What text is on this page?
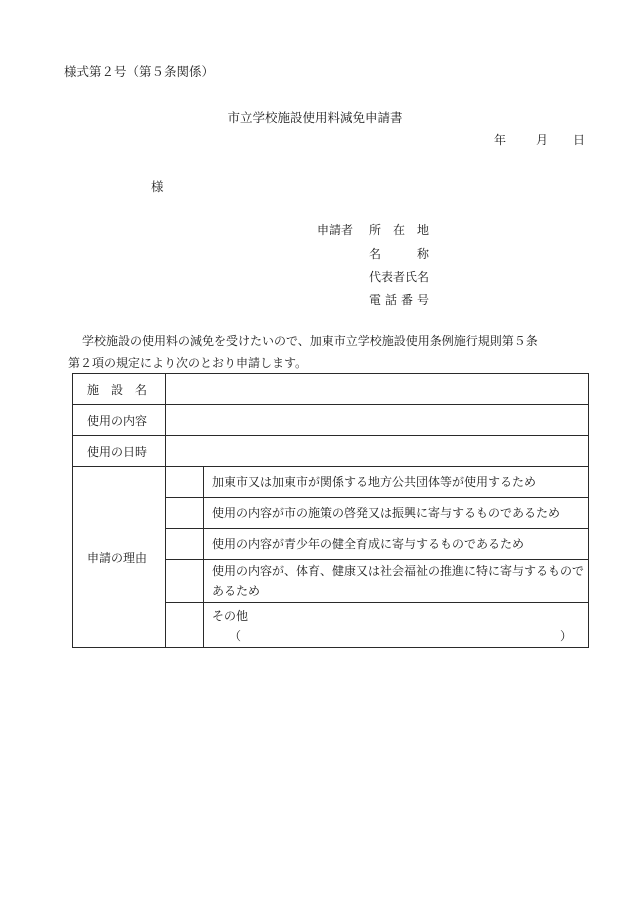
様式第２号（第５条関係）
市立学校施設使用料減免申請書
年 月 日
様
申請者 所在地
名称
代表者氏名
電話番号
学校施設の使用料の減免を受けたいので、加東市立学校施設使用条例施行規則第５条
第２項の規定により次のとおり申請します。
施設名		
使用の内容		
使用の日時		
申請の理由		加東市又は加東市が関係する地方公共団体等が使用するため
		使用の内容が市の施策の啓発又は振興に寄与するものであるため
		使用の内容が青少年の健全育成に寄与するものであるため
		使用の内容が、体育、健康又は社会福祉の推進に特に寄与するものであるため

		その他
（ ）
